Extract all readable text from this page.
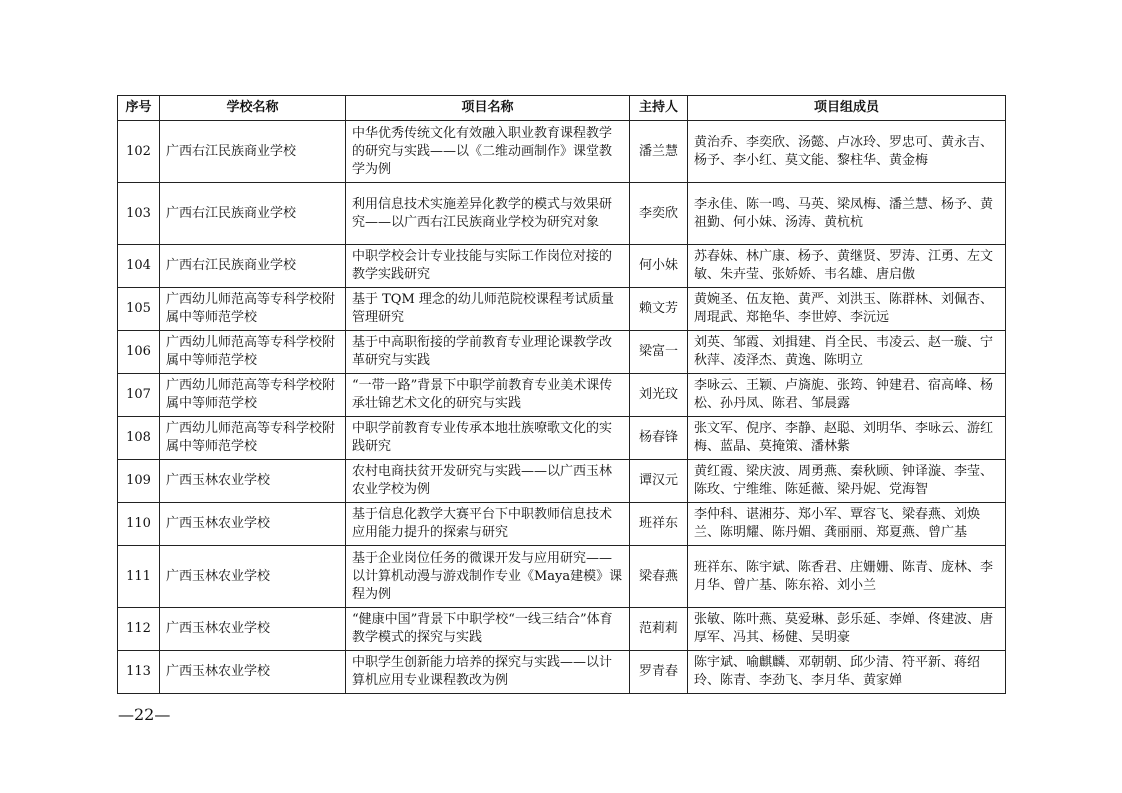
序号	学校名称	项目名称	主持人	项目组成员
102	广西右江民族商业学校	中华优秀传统文化有效融入职业教育课程教学的研究与实践——以《二维动画制作》课堂教学为例	潘兰慧	黄治乔、李奕欣、汤懿、卢冰玲、罗忠可、黄永吉、杨予、李小红、莫文能、黎柱华、黄金梅
103	广西右江民族商业学校	利用信息技术实施差异化教学的模式与效果研究——以广西右江民族商业学校为研究对象	李奕欣	李永佳、陈一鸣、马英、梁凤梅、潘兰慧、杨予、黄祖勤、何小妹、汤涛、黄杭杭
104	广西右江民族商业学校	中职学校会计专业技能与实际工作岗位对接的教学实践研究	何小妹	苏春妹、林广康、杨予、黄继贤、罗涛、江勇、左文敏、朱卉莹、张娇娇、韦名雄、唐启傲
105	广西幼儿师范高等专科学校附属中等师范学校	基于 TQM 理念的幼儿师范院校课程考试质量管理研究	赖文芳	黄婉圣、伍友艳、黄严、刘洪玉、陈群林、刘佩杏、周琨武、郑艳华、李世婷、李沅远
106	广西幼儿师范高等专科学校附属中等师范学校	基于中高职衔接的学前教育专业理论课教学改革研究与实践	梁富一	刘英、邹霞、刘揖建、肖全民、韦凌云、赵一璇、宁秋萍、凌泽杰、黄逸、陈明立
107	广西幼儿师范高等专科学校附属中等师范学校	“一带一路”背景下中职学前教育专业美术课传承壮锦艺术文化的研究与实践	刘光玟	李咏云、王颖、卢旖旎、张筠、钟建君、宿高峰、杨松、孙丹凤、陈君、邹晨露
108	广西幼儿师范高等专科学校附属中等师范学校	中职学前教育专业传承本地壮族嘹歌文化的实践研究	杨春锋	张文军、倪序、李静、赵聪、刘明华、李咏云、游红梅、蓝晶、莫掩策、潘林紫
109	广西玉林农业学校	农村电商扶贫开发研究与实践——以广西玉林农业学校为例	谭汉元	黄红霞、梁庆波、周勇燕、秦秋顾、钟译漩、李莹、陈玫、宁维维、陈延薇、梁丹妮、党海智
110	广西玉林农业学校	基于信息化教学大赛平台下中职教师信息技术应用能力提升的探索与研究	班祥东	李仲科、谌湘芬、郑小军、覃容飞、梁春燕、刘焕兰、陈明耀、陈丹媚、龚丽丽、郑夏燕、曾广基
111	广西玉林农业学校	基于企业岗位任务的微课开发与应用研究——以计算机动漫与游戏制作专业《Maya建模》课程为例	梁春燕	班祥东、陈宇斌、陈香君、庄姗姗、陈青、庞林、李月华、曾广基、陈东裕、刘小兰
112	广西玉林农业学校	“健康中国”背景下中职学校“一线三结合”体育教学模式的探究与实践	范莉莉	张敏、陈叶燕、莫爱琳、彭乐延、李婵、佟建波、唐厚军、冯其、杨健、吴明豪
113	广西玉林农业学校	中职学生创新能力培养的探究与实践——以计算机应用专业课程教改为例	罗青春	陈宇斌、喻麒麟、邓朝朝、邱少清、符平新、蒋绍玲、陈青、李劲飞、李月华、黄家婵
—22—
